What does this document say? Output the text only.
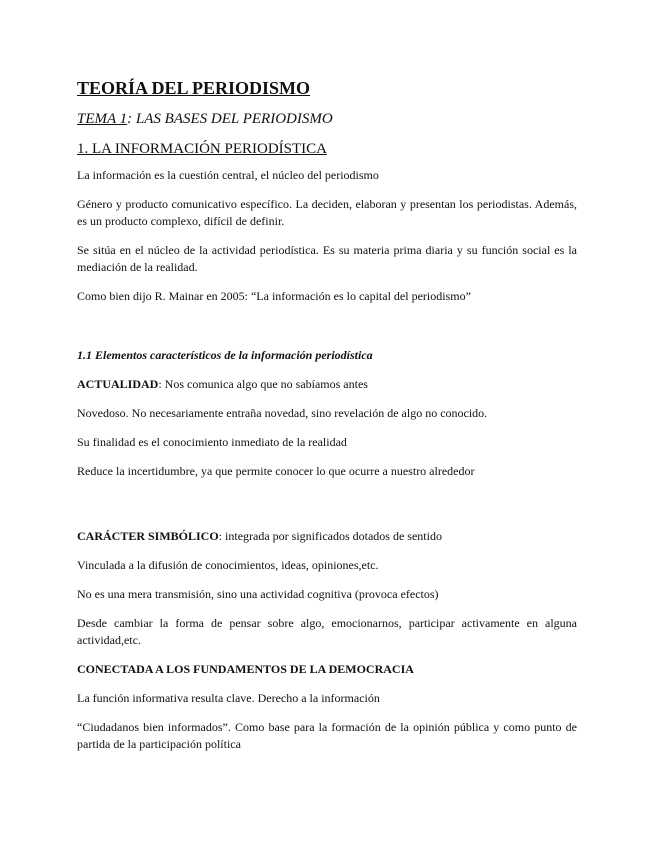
TEORÍA DEL PERIODISMO
TEMA 1: LAS BASES DEL PERIODISMO
1. LA INFORMACIÓN PERIODÍSTICA

La información es la cuestión central, el núcleo del periodismo

Género y producto comunicativo específico. La deciden, elaboran y presentan los periodistas. Además, es un producto complexo, difícil de definir.

Se sitúa en el núcleo de la actividad periodística. Es su materia prima diaria y su función social es la mediación de la realidad.

Como bien dijo R. Mainar en 2005: “La información es lo capital del periodismo”

1.1 Elementos característicos de la información periodística

ACTUALIDAD: Nos comunica algo que no sabíamos antes

Novedoso. No necesariamente entraña novedad, sino revelación de algo no conocido.

Su finalidad es el conocimiento inmediato de la realidad

Reduce la incertidumbre, ya que permite conocer lo que ocurre a nuestro alrededor

CARÁCTER SIMBÓLICO: integrada por significados dotados de sentido

Vinculada a la difusión de conocimientos, ideas, opiniones,etc.

No es una mera transmisión, sino una actividad cognitiva (provoca efectos)

Desde cambiar la forma de pensar sobre algo, emocionarnos, participar activamente en alguna actividad,etc.

CONECTADA A LOS FUNDAMENTOS DE LA DEMOCRACIA

La función informativa resulta clave. Derecho a la información

“Ciudadanos bien informados”. Como base para la formación de la opinión pública y como punto de partida de la participación política
